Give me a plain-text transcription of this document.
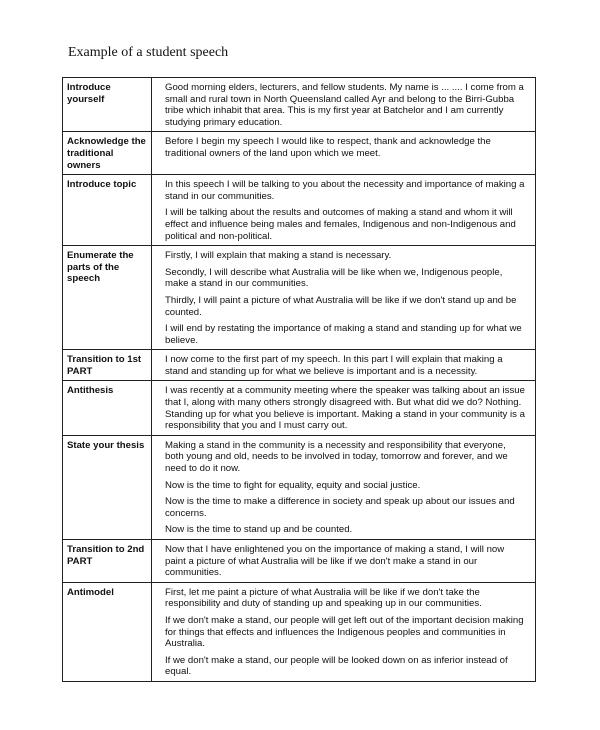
Example of a student speech
Introduce yourself	Good morning elders, lecturers, and fellow students. My name is ... .... I come from a small and rural town in North Queensland called Ayr and belong to the Birri-Gubba tribe which inhabit that area. This is my first year at Batchelor and I am currently studying primary education.

Acknowledge the traditional owners	Before I begin my speech I would like to respect, thank and acknowledge the traditional owners of the land upon which we meet.

Introduce topic	In this speech I will be talking to you about the necessity and importance of making a stand in our communities.

I will be talking about the results and outcomes of making a stand and whom it will effect and influence being males and females, Indigenous and non-Indigenous and political and non-political.

Enumerate the parts of the speech	Firstly, I will explain that making a stand is necessary.

Secondly, I will describe what Australia will be like when we, Indigenous people, make a stand in our communities.

Thirdly, I will paint a picture of what Australia will be like if we don't stand up and be counted.

I will end by restating the importance of making a stand and standing up for what we believe.

Transition to 1st PART	I now come to the first part of my speech. In this part I will explain that making a stand and standing up for what we believe is important and is a necessity.

Antithesis	I was recently at a community meeting where the speaker was talking about an issue that I, along with many others strongly disagreed with. But what did we do? Nothing. Standing up for what you believe is important. Making a stand in your community is a responsibility that you and I must carry out.

State your thesis	Making a stand in the community is a necessity and responsibility that everyone, both young and old, needs to be involved in today, tomorrow and forever, and we need to do it now.

Now is the time to fight for equality, equity and social justice.

Now is the time to make a difference in society and speak up about our issues and concerns.

Now is the time to stand up and be counted.

Transition to 2nd PART	Now that I have enlightened you on the importance of making a stand, I will now paint a picture of what Australia will be like if we don't make a stand in our communities.

Antimodel	First, let me paint a picture of what Australia will be like if we don't take the responsibility and duty of standing up and speaking up in our communities.

If we don't make a stand, our people will get left out of the important decision making for things that effects and influences the Indigenous peoples and communities in Australia.

If we don't make a stand, our people will be looked down on as inferior instead of equal.
